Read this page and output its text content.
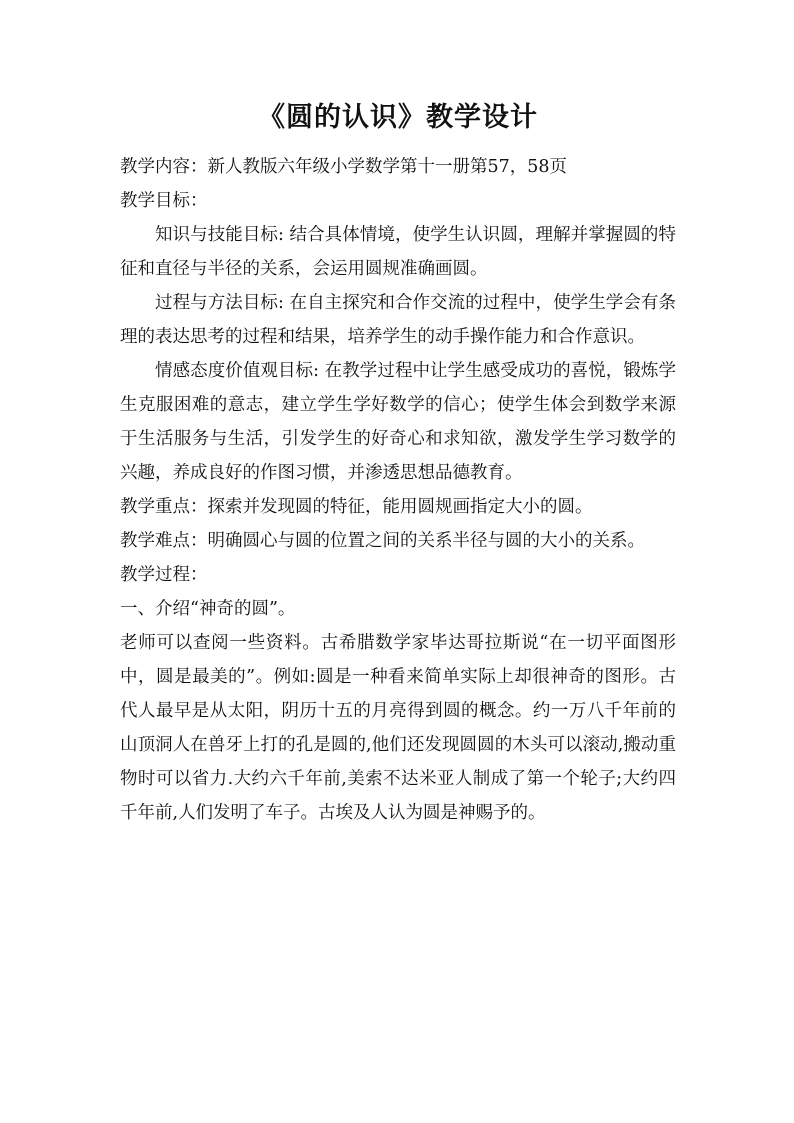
《圆的认识》教学设计

教学内容：新人教版六年级小学数学第十一册第57，58页

教学目标：

知识与技能目标: 结合具体情境，使学生认识圆，理解并掌握圆的特征和直径与半径的关系，会运用圆规准确画圆。

过程与方法目标: 在自主探究和合作交流的过程中，使学生学会有条理的表达思考的过程和结果，培养学生的动手操作能力和合作意识。

情感态度价值观目标: 在教学过程中让学生感受成功的喜悦，锻炼学生克服困难的意志，建立学生学好数学的信心；使学生体会到数学来源于生活服务与生活，引发学生的好奇心和求知欲，激发学生学习数学的兴趣，养成良好的作图习惯，并渗透思想品德教育。

教学重点：探索并发现圆的特征，能用圆规画指定大小的圆。

教学难点：明确圆心与圆的位置之间的关系半径与圆的大小的关系。

教学过程：

一、介绍“神奇的圆”。

老师可以查阅一些资料。古希腊数学家毕达哥拉斯说“在一切平面图形中，圆是最美的”。例如:圆是一种看来简单实际上却很神奇的图形。古代人最早是从太阳，阴历十五的月亮得到圆的概念。约一万八千年前的山顶洞人在兽牙上打的孔是圆的,他们还发现圆圆的木头可以滚动,搬动重物时可以省力.大约六千年前,美索不达米亚人制成了第一个轮子;大约四千年前,人们发明了车子。古埃及人认为圆是神赐予的。
